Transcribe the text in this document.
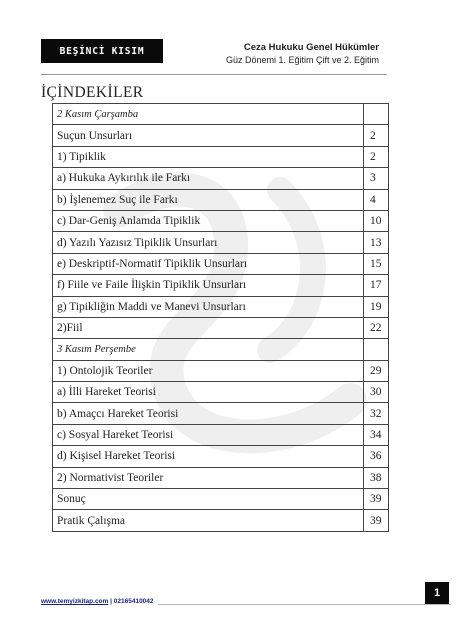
BEŞİNCİ KISIM	Ceza Hukuku Genel Hükümler
Güz Dönemi 1. Eğitim Çift ve 2. Eğitim
İÇİNDEKİLER
2 Kasım Çarşamba	
Suçun Unsurları	2
1) Tipiklik	2
a) Hukuka Aykırılık ile Farkı	3
b) İşlenemez Suç ile Farkı	4
c) Dar-Geniş Anlamda Tipiklik	10
d) Yazılı Yazısız Tipiklik Unsurları	13
e) Deskriptif-Normatif Tipiklik Unsurları	15
f) Fiile ve Faile İlişkin Tipiklik Unsurları	17
g) Tipikliğin Maddi ve Manevi Unsurları	19
2)Fiil	22
3 Kasım Perşembe	
1) Ontolojik Teoriler	29
a) İlli Hareket Teorisi	30
b) Amaçcı Hareket Teorisi	32
c) Sosyal Hareket Teorisi	34
d) Kişisel Hareket Teorisi	36
2) Normativist Teoriler	38
Sonuç	39
Pratik Çalışma	39
www.temyizkitap.com | 02165410042
1
